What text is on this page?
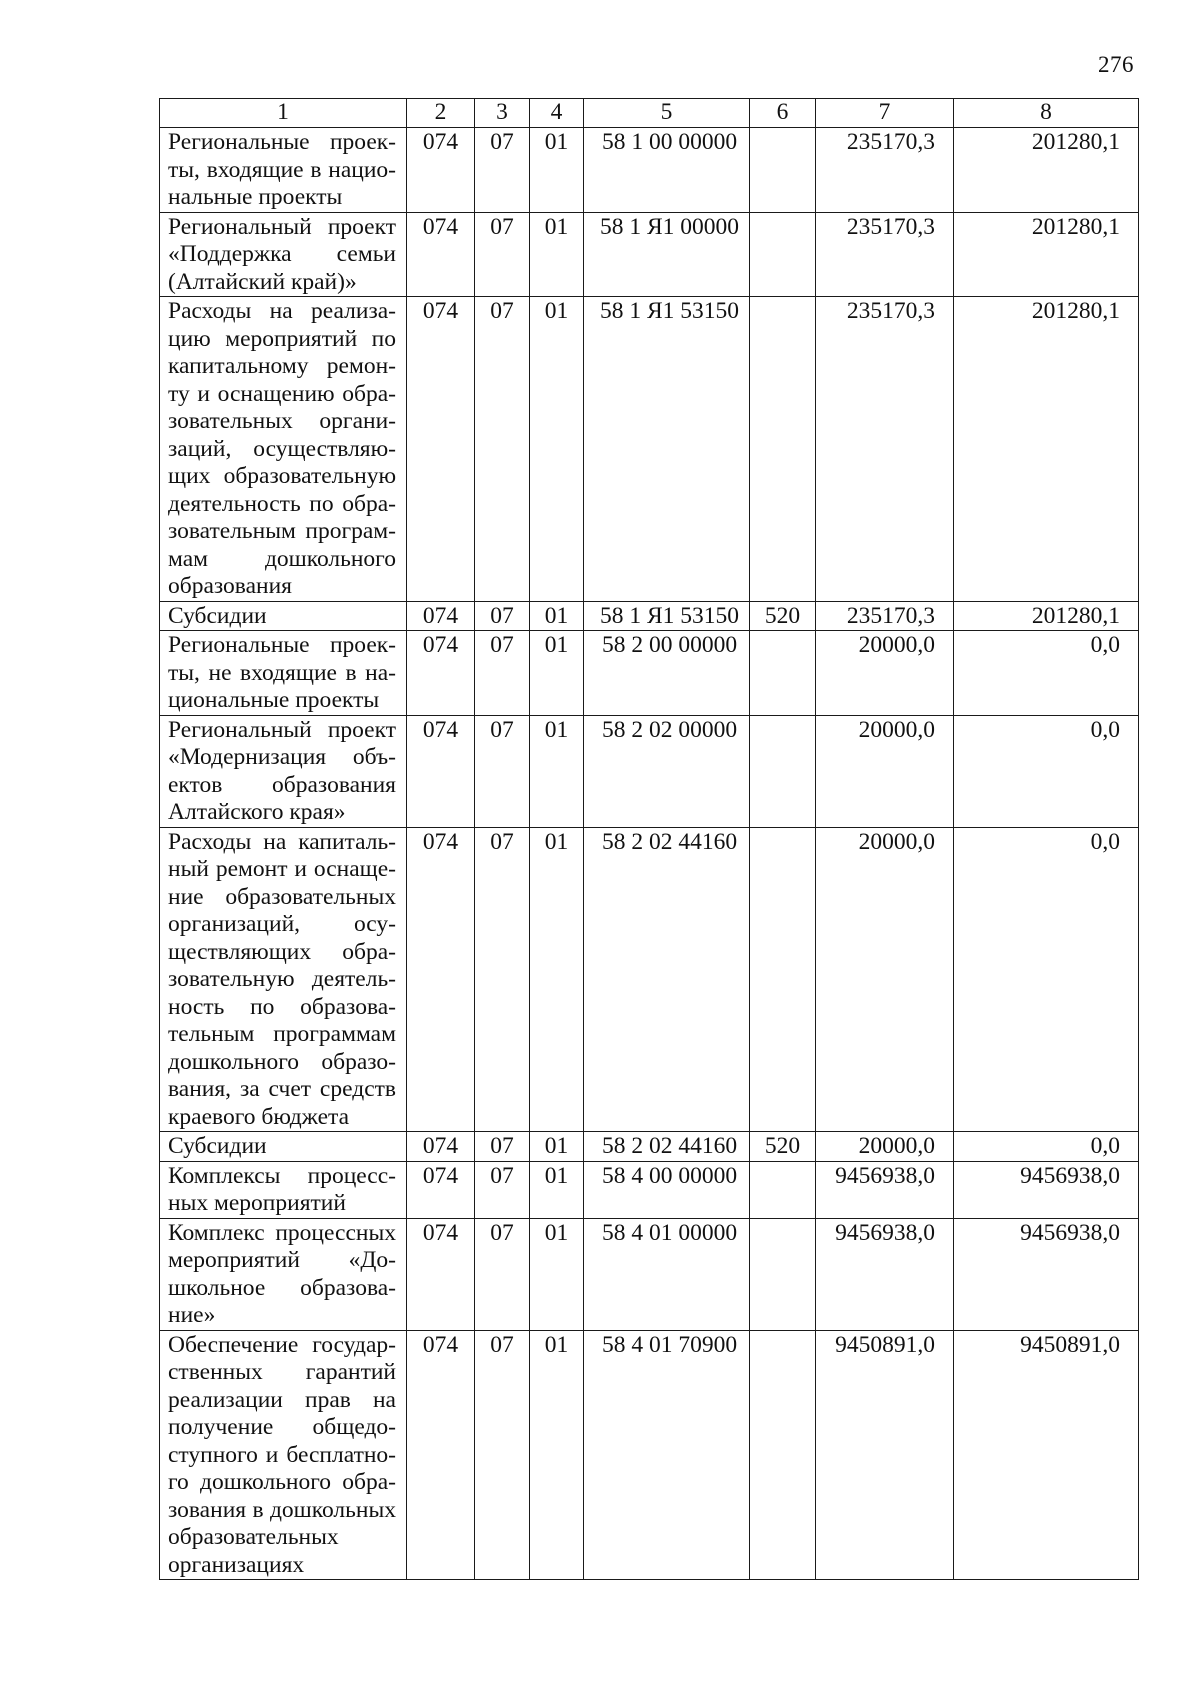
276
1	2	3	4	5	6	7	8
Региональные проекты, входящие в национальные проекты	074	07	01	58 1 00 00000		235170,3	201280,1
Региональный проект «Поддержка семьи (Алтайский край)»	074	07	01	58 1 Я1 00000		235170,3	201280,1
Расходы на реализацию мероприятий по капитальному ремонту и оснащению образовательных организаций, осуществляющих образовательную деятельность по образовательным программам дошкольного образования	074	07	01	58 1 Я1 53150		235170,3	201280,1
Субсидии	074	07	01	58 1 Я1 53150	520	235170,3	201280,1
Региональные проекты, не входящие в национальные проекты	074	07	01	58 2 00 00000		20000,0	0,0
Региональный проект «Модернизация объектов образования Алтайского края»	074	07	01	58 2 02 00000		20000,0	0,0
Расходы на капитальный ремонт и оснащение образовательных организаций, осуществляющих образовательную деятельность по образовательным программам дошкольного образования, за счет средств краевого бюджета	074	07	01	58 2 02 44160		20000,0	0,0
Субсидии	074	07	01	58 2 02 44160	520	20000,0	0,0
Комплексы процессных мероприятий	074	07	01	58 4 00 00000		9456938,0	9456938,0
Комплекс процессных мероприятий «Дошкольное образование»	074	07	01	58 4 01 00000		9456938,0	9456938,0
Обеспечение государственных гарантий реализации прав на получение общедоступного и бесплатного дошкольного образования в дошкольных образовательных организациях	074	07	01	58 4 01 70900		9450891,0	9450891,0
